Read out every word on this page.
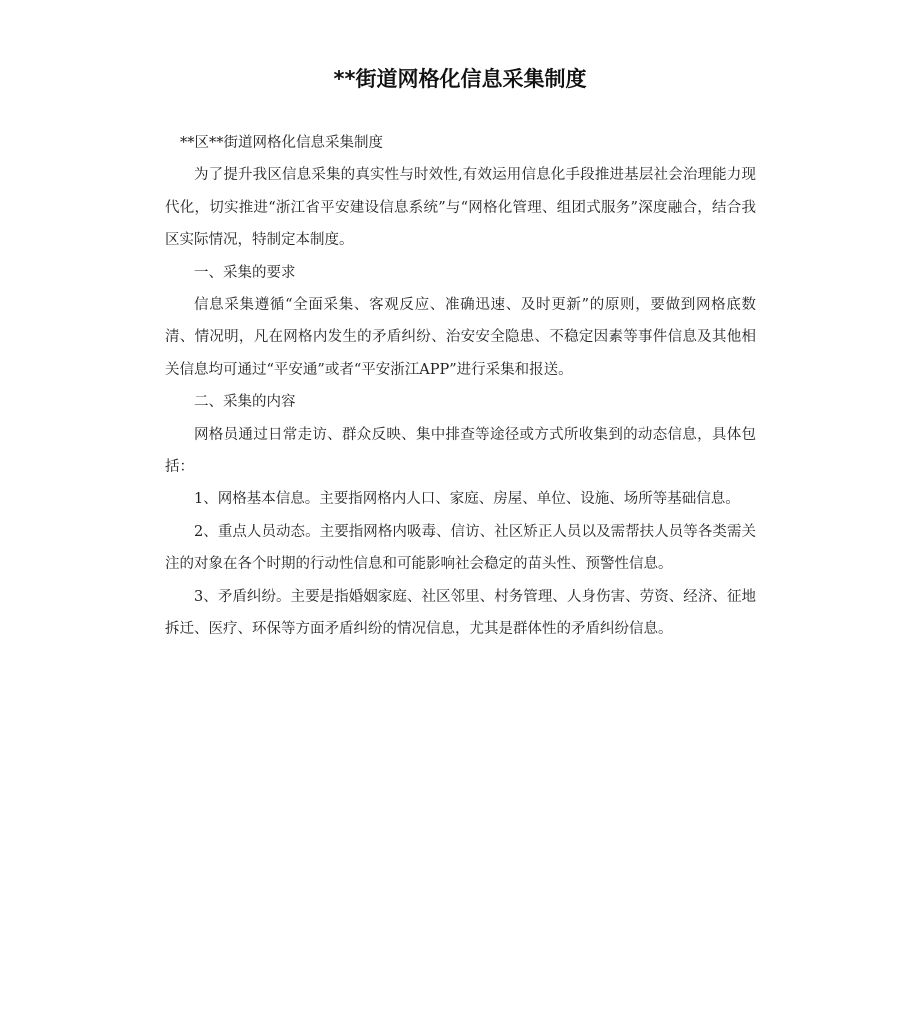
**街道网格化信息采集制度

**区**街道网格化信息采集制度

为了提升我区信息采集的真实性与时效性,有效运用信息化手段推进基层社会治理能力现代化，切实推进“浙江省平安建设信息系统”与“网格化管理、组团式服务”深度融合，结合我区实际情况，特制定本制度。

一、采集的要求

信息采集遵循“全面采集、客观反应、准确迅速、及时更新”的原则，要做到网格底数清、情况明，凡在网格内发生的矛盾纠纷、治安安全隐患、不稳定因素等事件信息及其他相关信息均可通过“平安通”或者“平安浙江APP”进行采集和报送。

二、采集的内容

网格员通过日常走访、群众反映、集中排查等途径或方式所收集到的动态信息，具体包括：

1、网格基本信息。主要指网格内人口、家庭、房屋、单位、设施、场所等基础信息。

2、重点人员动态。主要指网格内吸毒、信访、社区矫正人员以及需帮扶人员等各类需关注的对象在各个时期的行动性信息和可能影响社会稳定的苗头性、预警性信息。

3、矛盾纠纷。主要是指婚姻家庭、社区邻里、村务管理、人身伤害、劳资、经济、征地拆迁、医疗、环保等方面矛盾纠纷的情况信息，尤其是群体性的矛盾纠纷信息。
